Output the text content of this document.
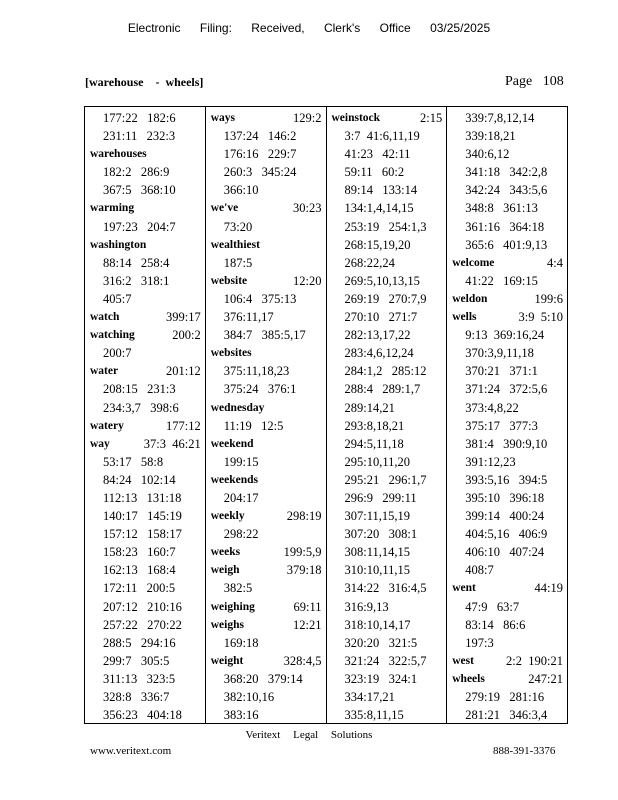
Electronic Filing: Received, Clerk's Office 03/25/2025
[warehouse    -  wheels]	Page   108
177:22   182:6
231:11   232:3
warehouses
182:2   286:9
367:5   368:10
warming
197:23   204:7
washington
88:14   258:4
316:2   318:1
405:7
watch	399:17
watching	200:2
200:7
water	201:12
208:15   231:3
234:3,7   398:6
watery	177:12
way	37:3  46:21
53:17   58:8
84:24   102:14
112:13   131:18
140:17   145:19
157:12   158:17
158:23   160:7
162:13   168:4
172:11   200:5
207:12   210:16
257:22   270:22
288:5   294:16
299:7   305:5
311:13   323:5
328:8   336:7
356:23   404:18
ways	129:2
137:24   146:2
176:16   229:7
260:3   345:24
366:10
we've	30:23
73:20
wealthiest
187:5
website	12:20
106:4   375:13
376:11,17
384:7   385:5,17
websites
375:11,18,23
375:24   376:1
wednesday
11:19   12:5
weekend
199:15
weekends
204:17
weekly	298:19
298:22
weeks	199:5,9
weigh	379:18
382:5
weighing	69:11
weighs	12:21
169:18
weight	328:4,5
368:20   379:14
382:10,16
383:16
weinstock	2:15
3:7  41:6,11,19
41:23   42:11
59:11   60:2
89:14   133:14
134:1,4,14,15
253:19   254:1,3
268:15,19,20
268:22,24
269:5,10,13,15
269:19   270:7,9
270:10   271:7
282:13,17,22
283:4,6,12,24
284:1,2   285:12
288:4   289:1,7
289:14,21
293:8,18,21
294:5,11,18
295:10,11,20
295:21   296:1,7
296:9   299:11
307:11,15,19
307:20   308:1
308:11,14,15
310:10,11,15
314:22   316:4,5
316:9,13
318:10,14,17
320:20   321:5
321:24   322:5,7
323:19   324:1
334:17,21
335:8,11,15
339:7,8,12,14
339:18,21
340:6,12
341:18   342:2,8
342:24   343:5,6
348:8   361:13
361:16   364:18
365:6   401:9,13
welcome	4:4
41:22   169:15
weldon	199:6
wells	3:9  5:10
9:13  369:16,24
370:3,9,11,18
370:21   371:1
371:24   372:5,6
373:4,8,22
375:17   377:3
381:4   390:9,10
391:12,23
393:5,16   394:5
395:10   396:18
399:14   400:24
404:5,16   406:9
406:10   407:24
408:7
went	44:19
47:9   63:7
83:14   86:6
197:3
west	2:2  190:21
wheels	247:21
279:19   281:16
281:21   346:3,4
Veritext Legal Solutions
www.veritext.com	888-391-3376
